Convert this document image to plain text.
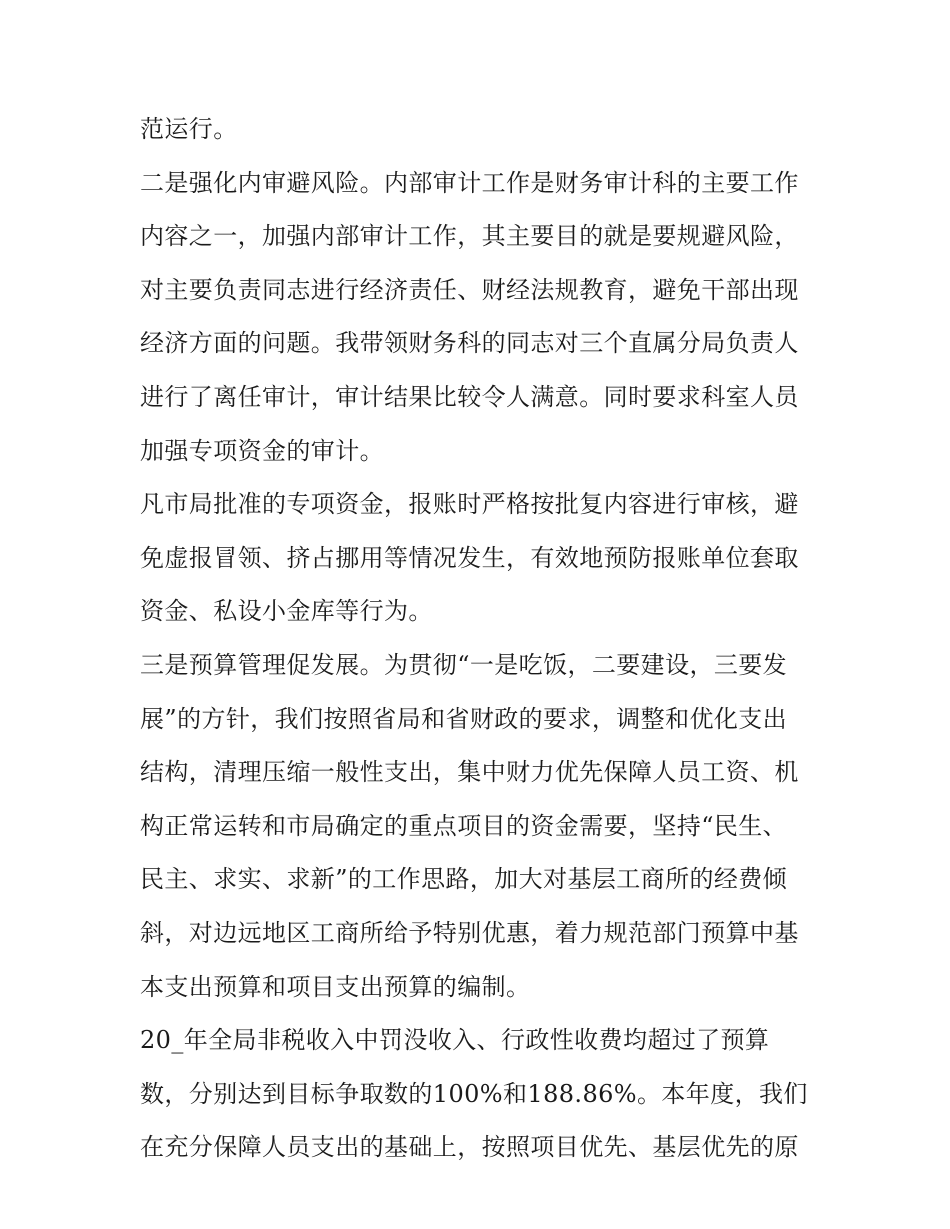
范运行。
二是强化内审避风险。内部审计工作是财务审计科的主要工作
内容之一，加强内部审计工作，其主要目的就是要规避风险，
对主要负责同志进行经济责任、财经法规教育，避免干部出现
经济方面的问题。我带领财务科的同志对三个直属分局负责人
进行了离任审计，审计结果比较令人满意。同时要求科室人员
加强专项资金的审计。
凡市局批准的专项资金，报账时严格按批复内容进行审核，避
免虚报冒领、挤占挪用等情况发生，有效地预防报账单位套取
资金、私设小金库等行为。
三是预算管理促发展。为贯彻“一是吃饭，二要建设，三要发
展”的方针，我们按照省局和省财政的要求，调整和优化支出
结构，清理压缩一般性支出，集中财力优先保障人员工资、机
构正常运转和市局确定的重点项目的资金需要，坚持“民生、
民主、求实、求新”的工作思路，加大对基层工商所的经费倾
斜，对边远地区工商所给予特别优惠，着力规范部门预算中基
本支出预算和项目支出预算的编制。
20_年全局非税收入中罚没收入、行政性收费均超过了预算
数，分别达到目标争取数的100%和188.86%。本年度，我们
在充分保障人员支出的基础上，按照项目优先、基层优先的原
